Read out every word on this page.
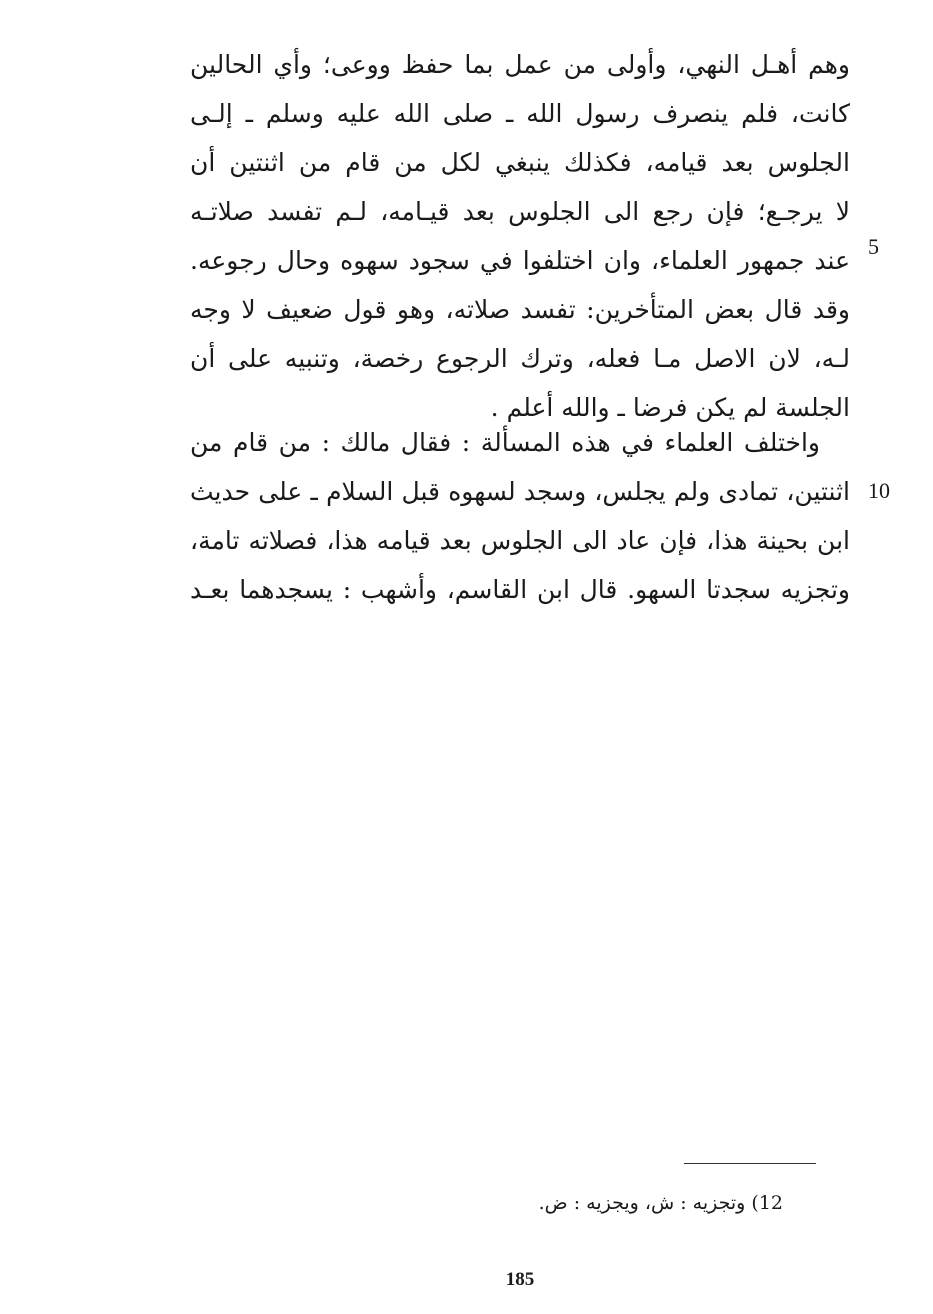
وهم أهـل النهي، وأولى من عمل بما حفظ ووعى؛ وأي الحالين
كانت، فلم ينصرف رسول الله ـ صلى الله عليه وسلم ـ إلـى
الجلوس بعد قيامه، فكذلك ينبغي لكل من قام من اثنتين أن
لا يرجـع؛ فإن رجع الى الجلوس بعد قيـامه، لـم تفسد صلاتـه
عند جمهور العلماء، وان اختلفوا في سجود سهوه وحال رجوعه.
وقد قال بعض المتأخرين: تفسد صلاته، وهو قول ضعيف لا وجه
لـه، لان الاصل مـا فعله، وترك الرجوع رخصة، وتنبيه على أن
الجلسة لم يكن فرضا ـ والله أعلم .
واختلف العلماء في هذه المسألة : فقال مالك : من قام من
اثنتين، تمادى ولم يجلس، وسجد لسهوه قبل السلام ـ على حديث
ابن بحينة هذا، فإن عاد الى الجلوس بعد قيامه هذا، فصلاته تامة،
وتجزيه سجدتا السهو. قال ابن القاسم، وأشهب : يسجدهما بعـد
5
10
12) وتجزيه : ش، ويجزيه : ض.
185
